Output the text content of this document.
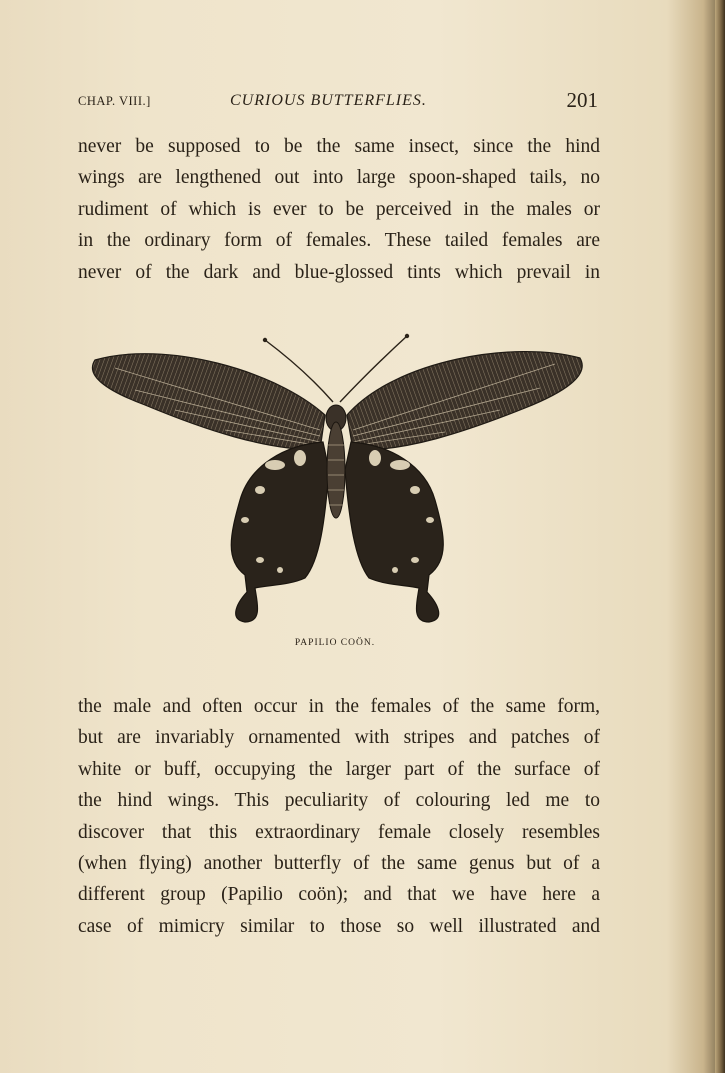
CHAP. VIII.]	CURIOUS BUTTERFLIES.	201
never be supposed to be the same insect, since the hind
wings are lengthened out into large spoon-shaped tails, no
rudiment of which is ever to be perceived in the males or
in the ordinary form of females. These tailed females are
never of the dark and blue-glossed tints which prevail in
PAPILIO COÖN.
the male and often occur in the females of the same form,
but are invariably ornamented with stripes and patches of
white or buff, occupying the larger part of the surface of
the hind wings. This peculiarity of colouring led me to
discover that this extraordinary female closely resembles
(when flying) another butterfly of the same genus but of a
different group (Papilio coön); and that we have here a
case of mimicry similar to those so well illustrated and
